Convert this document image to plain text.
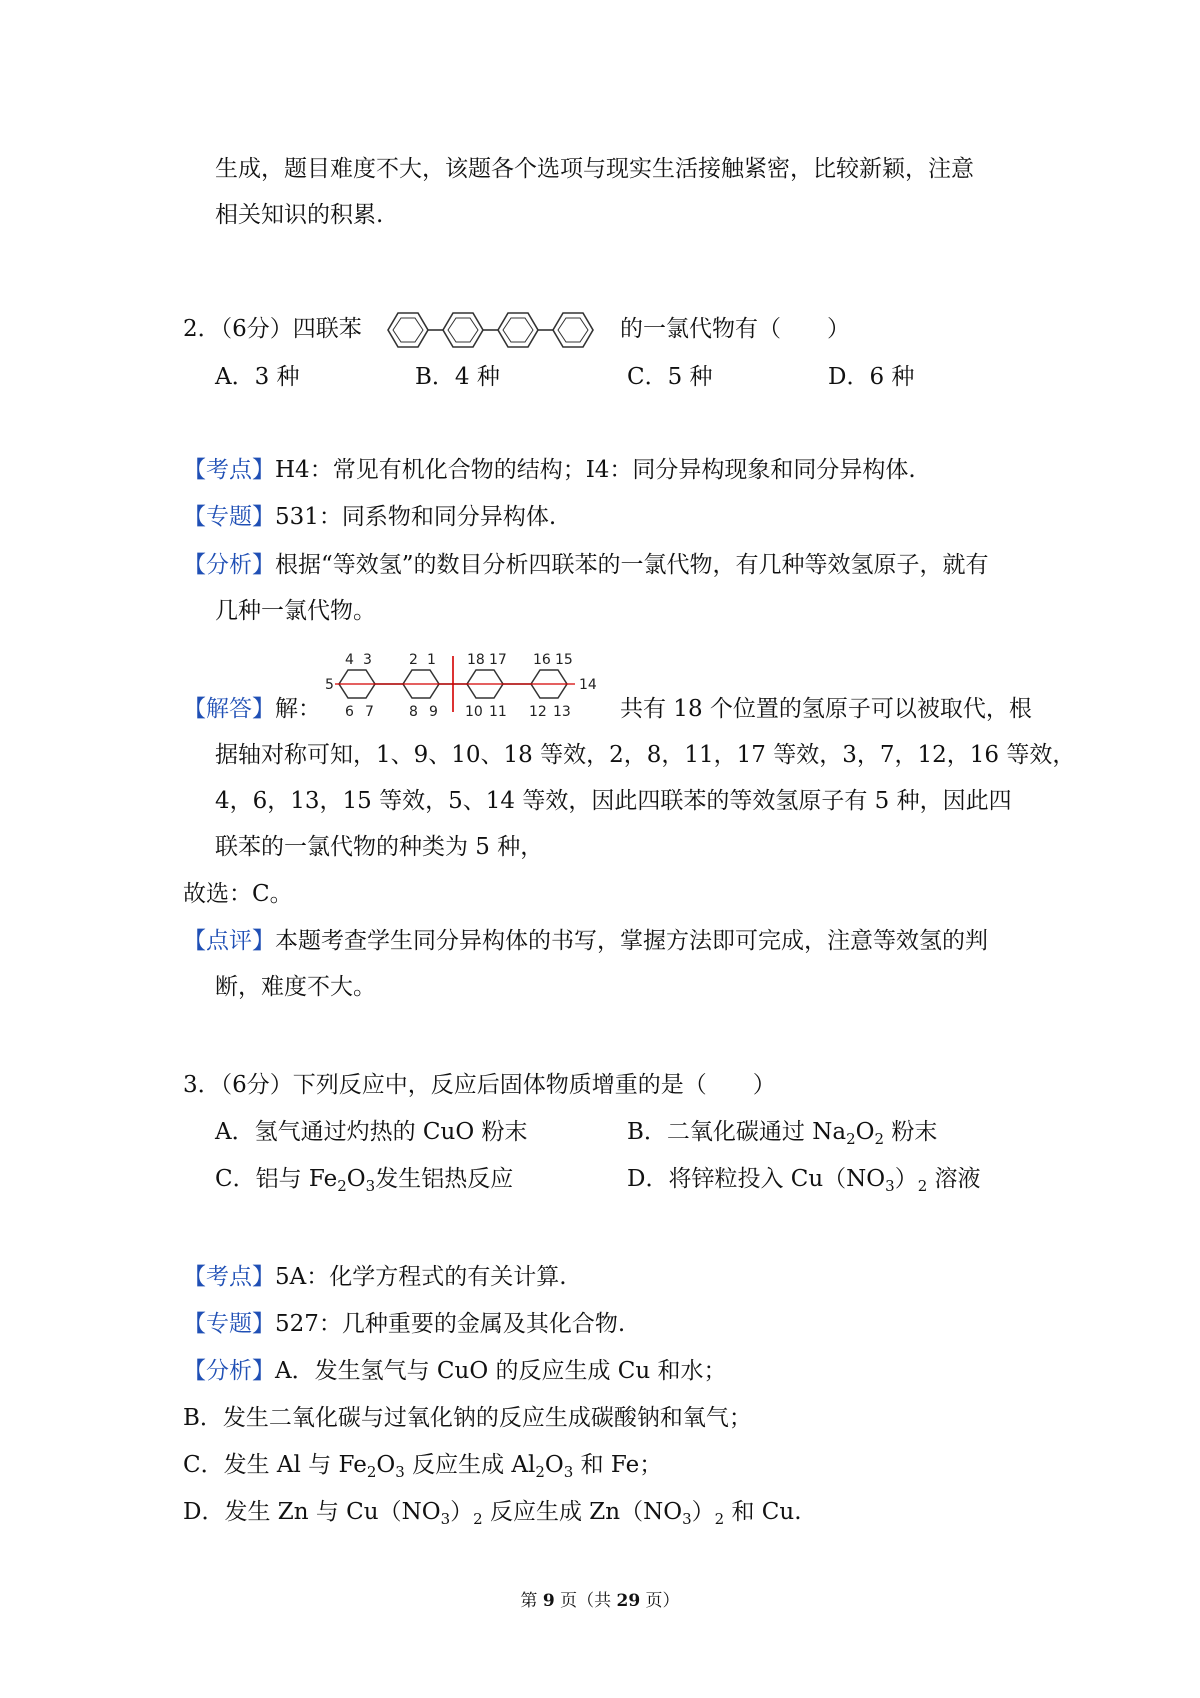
生成，题目难度不大，该题各个选项与现实生活接触紧密，比较新颖，注意
相关知识的积累.
2．（6分）四联苯	的一氯代物有（　　）
A．3 种	B．4 种	C．5 种	D．6 种
【考点】H4：常见有机化合物的结构；I4：同分异构现象和同分异构体.
【专题】531：同系物和同分异构体.
【分析】根据“等效氢”的数目分析四联苯的一氯代物，有几种等效氢原子，就有
几种一氯代物。
4 3	2 1 18 17 16 15
6 7	8 9 10 11 12 13
5	14
【解答】解：	共有 18 个位置的氢原子可以被取代，根
据轴对称可知，1、9、10、18 等效，2，8，11，17 等效，3，7，12，16 等效，
4，6，13，15 等效，5、14 等效，因此四联苯的等效氢原子有 5 种，因此四
联苯的一氯代物的种类为 5 种，
故选：C。
【点评】本题考查学生同分异构体的书写，掌握方法即可完成，注意等效氢的判
断，难度不大。
3．（6分）下列反应中，反应后固体物质增重的是（　　）
A．氢气通过灼热的 CuO 粉末	B．二氧化碳通过 $Na_2O_2$ 粉末
C．铝与 $Fe_2O_3$发生铝热反应	D．将锌粒投入 $Cu(NO_3)_2$ 溶液
【考点】5A：化学方程式的有关计算.
【专题】527：几种重要的金属及其化合物.
【分析】A．发生氢气与 CuO 的反应生成 Cu 和水；
B．发生二氧化碳与过氧化钠的反应生成碳酸钠和氧气；
C．发生 Al 与 $Fe_2O_3$ 反应生成 $Al_2O_3$ 和 Fe；
D．发生 Zn 与 $Cu(NO_3)_2$ 反应生成 $Zn(NO_3)_2$ 和 Cu.
第 9 页（共 29 页）
